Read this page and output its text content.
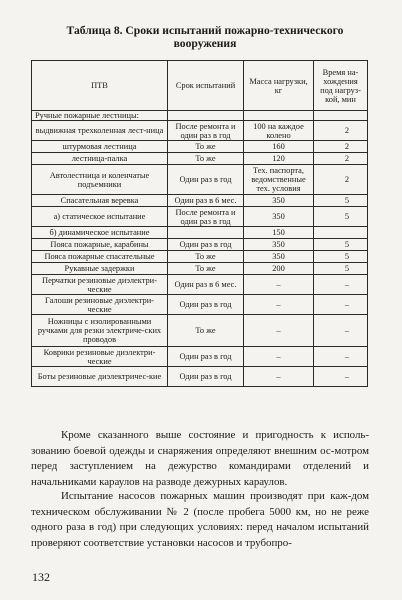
Таблица 8. Сроки испытаний пожарно-технического вооружения
ПТВ	Срок испытаний	Масса нагрузки, кг	Время на-хождения под нагруз-кой, мин
Ручные пожарные лестницы:			
выдвижная трехколенная лест-ница	После ремонта и один раз в год	100 на каждое колено	2
штурмовая лестница	То же	160	2
лестница-палка	То же	120	2
Автолестница и коленчатые подъемники	Один раз в год	Тех. паспорта, ведомственные тех. условия	2
Спасательная веревка	Один раз в 6 мес.	350	5
а) статическое испытание	После ремонта и один раз в год	350	5
б) динамическое испытание		150	
Пояса пожарные, карабины	Один раз в год	350	5
Пояса пожарные спасательные	То же	350	5
Рукавные задержки	То же	200	5
Перчатки резиновые диэлектри-ческие	Один раз в 6 мес.	–	–
Галоши резиновые диэлектри-ческие	Один раз в год	–	–
Ножницы с изолированными ручками для резки электриче-ских проводов	То же	–	–
Коврики резиновые диэлектри-ческие	Один раз в год	–	–
Боты резиновые диэлектричес-кие	Один раз в год	–	–

Кроме сказанного выше состояние и пригодность к исполь-зованию боевой одежды и снаряжения определяют внешним ос-мотром перед заступлением на дежурство командирами отделений и начальниками караулов на разводе дежурных караулов.

Испытание насосов пожарных машин производят при каж-дом техническом обслуживании № 2 (после пробега 5000 км, но не реже одного раза в год) при следующих условиях: перед началом испытаний проверяют соответствие установки насосов и трубопро-

132
